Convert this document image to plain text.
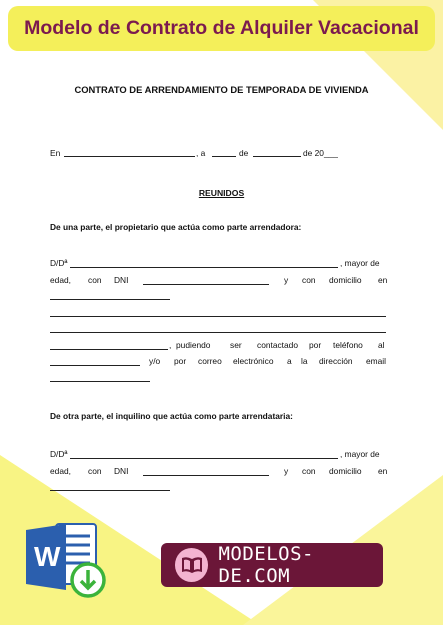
Modelo de Contrato de Alquiler Vacacional
CONTRATO DE ARRENDAMIENTO DE TEMPORADA DE VIVIENDA
En	, a	de	de 20___
REUNIDOS
De una parte, el propietario que actúa como parte arrendadora:
D/Dª	, mayor de
edad, con DNI	y con domicilio en
, pudiendo ser contactado por teléfono al
y/o por correo electrónico a la dirección email
De otra parte, el inquilino que actúa como parte arrendataria:
D/Dª	, mayor de
edad, con DNI	y con domicilio en
W	MODELOS-DE.COM
